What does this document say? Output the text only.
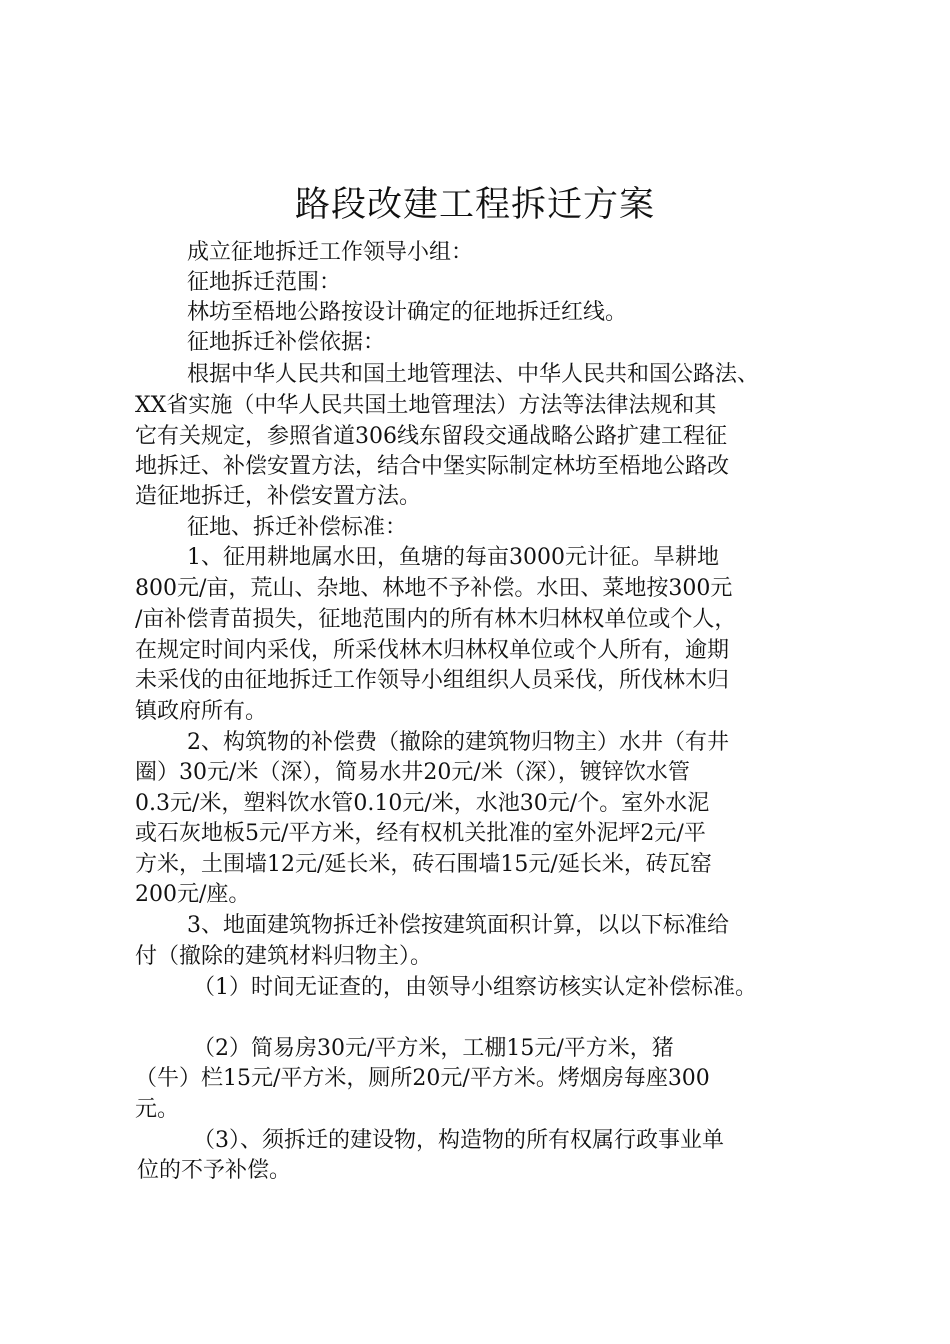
路段改建工程拆迁方案
成立征地拆迁工作领导小组：
征地拆迁范围：
林坊至梧地公路按设计确定的征地拆迁红线。
征地拆迁补偿依据：
根据中华人民共和国土地管理法、中华人民共和国公路法、
XX省实施（中华人民共国土地管理法）方法等法律法规和其
它有关规定，参照省道306线东留段交通战略公路扩建工程征
地拆迁、补偿安置方法，结合中堡实际制定林坊至梧地公路改
造征地拆迁，补偿安置方法。
征地、拆迁补偿标准：
1、征用耕地属水田，鱼塘的每亩3000元计征。旱耕地
800元/亩，荒山、杂地、林地不予补偿。水田、菜地按300元
/亩补偿青苗损失，征地范围内的所有林木归林权单位或个人，
在规定时间内采伐，所采伐林木归林权单位或个人所有，逾期
未采伐的由征地拆迁工作领导小组组织人员采伐，所伐林木归
镇政府所有。
2、构筑物的补偿费（撤除的建筑物归物主）水井（有井
圈）30元/米（深），简易水井20元/米（深），镀锌饮水管
0.3元/米，塑料饮水管0.10元/米，水池30元/个。室外水泥
或石灰地板5元/平方米，经有权机关批准的室外泥坪2元/平
方米，土围墙12元/延长米，砖石围墙15元/延长米，砖瓦窑
200元/座。
3、地面建筑物拆迁补偿按建筑面积计算，以以下标准给
付（撤除的建筑材料归物主）。
（1）时间无证查的，由领导小组察访核实认定补偿标准。
（2）简易房30元/平方米，工棚15元/平方米，猪
（牛）栏15元/平方米，厕所20元/平方米。烤烟房每座300
元。
（3）、须拆迁的建设物，构造物的所有权属行政事业单
位的不予补偿。
